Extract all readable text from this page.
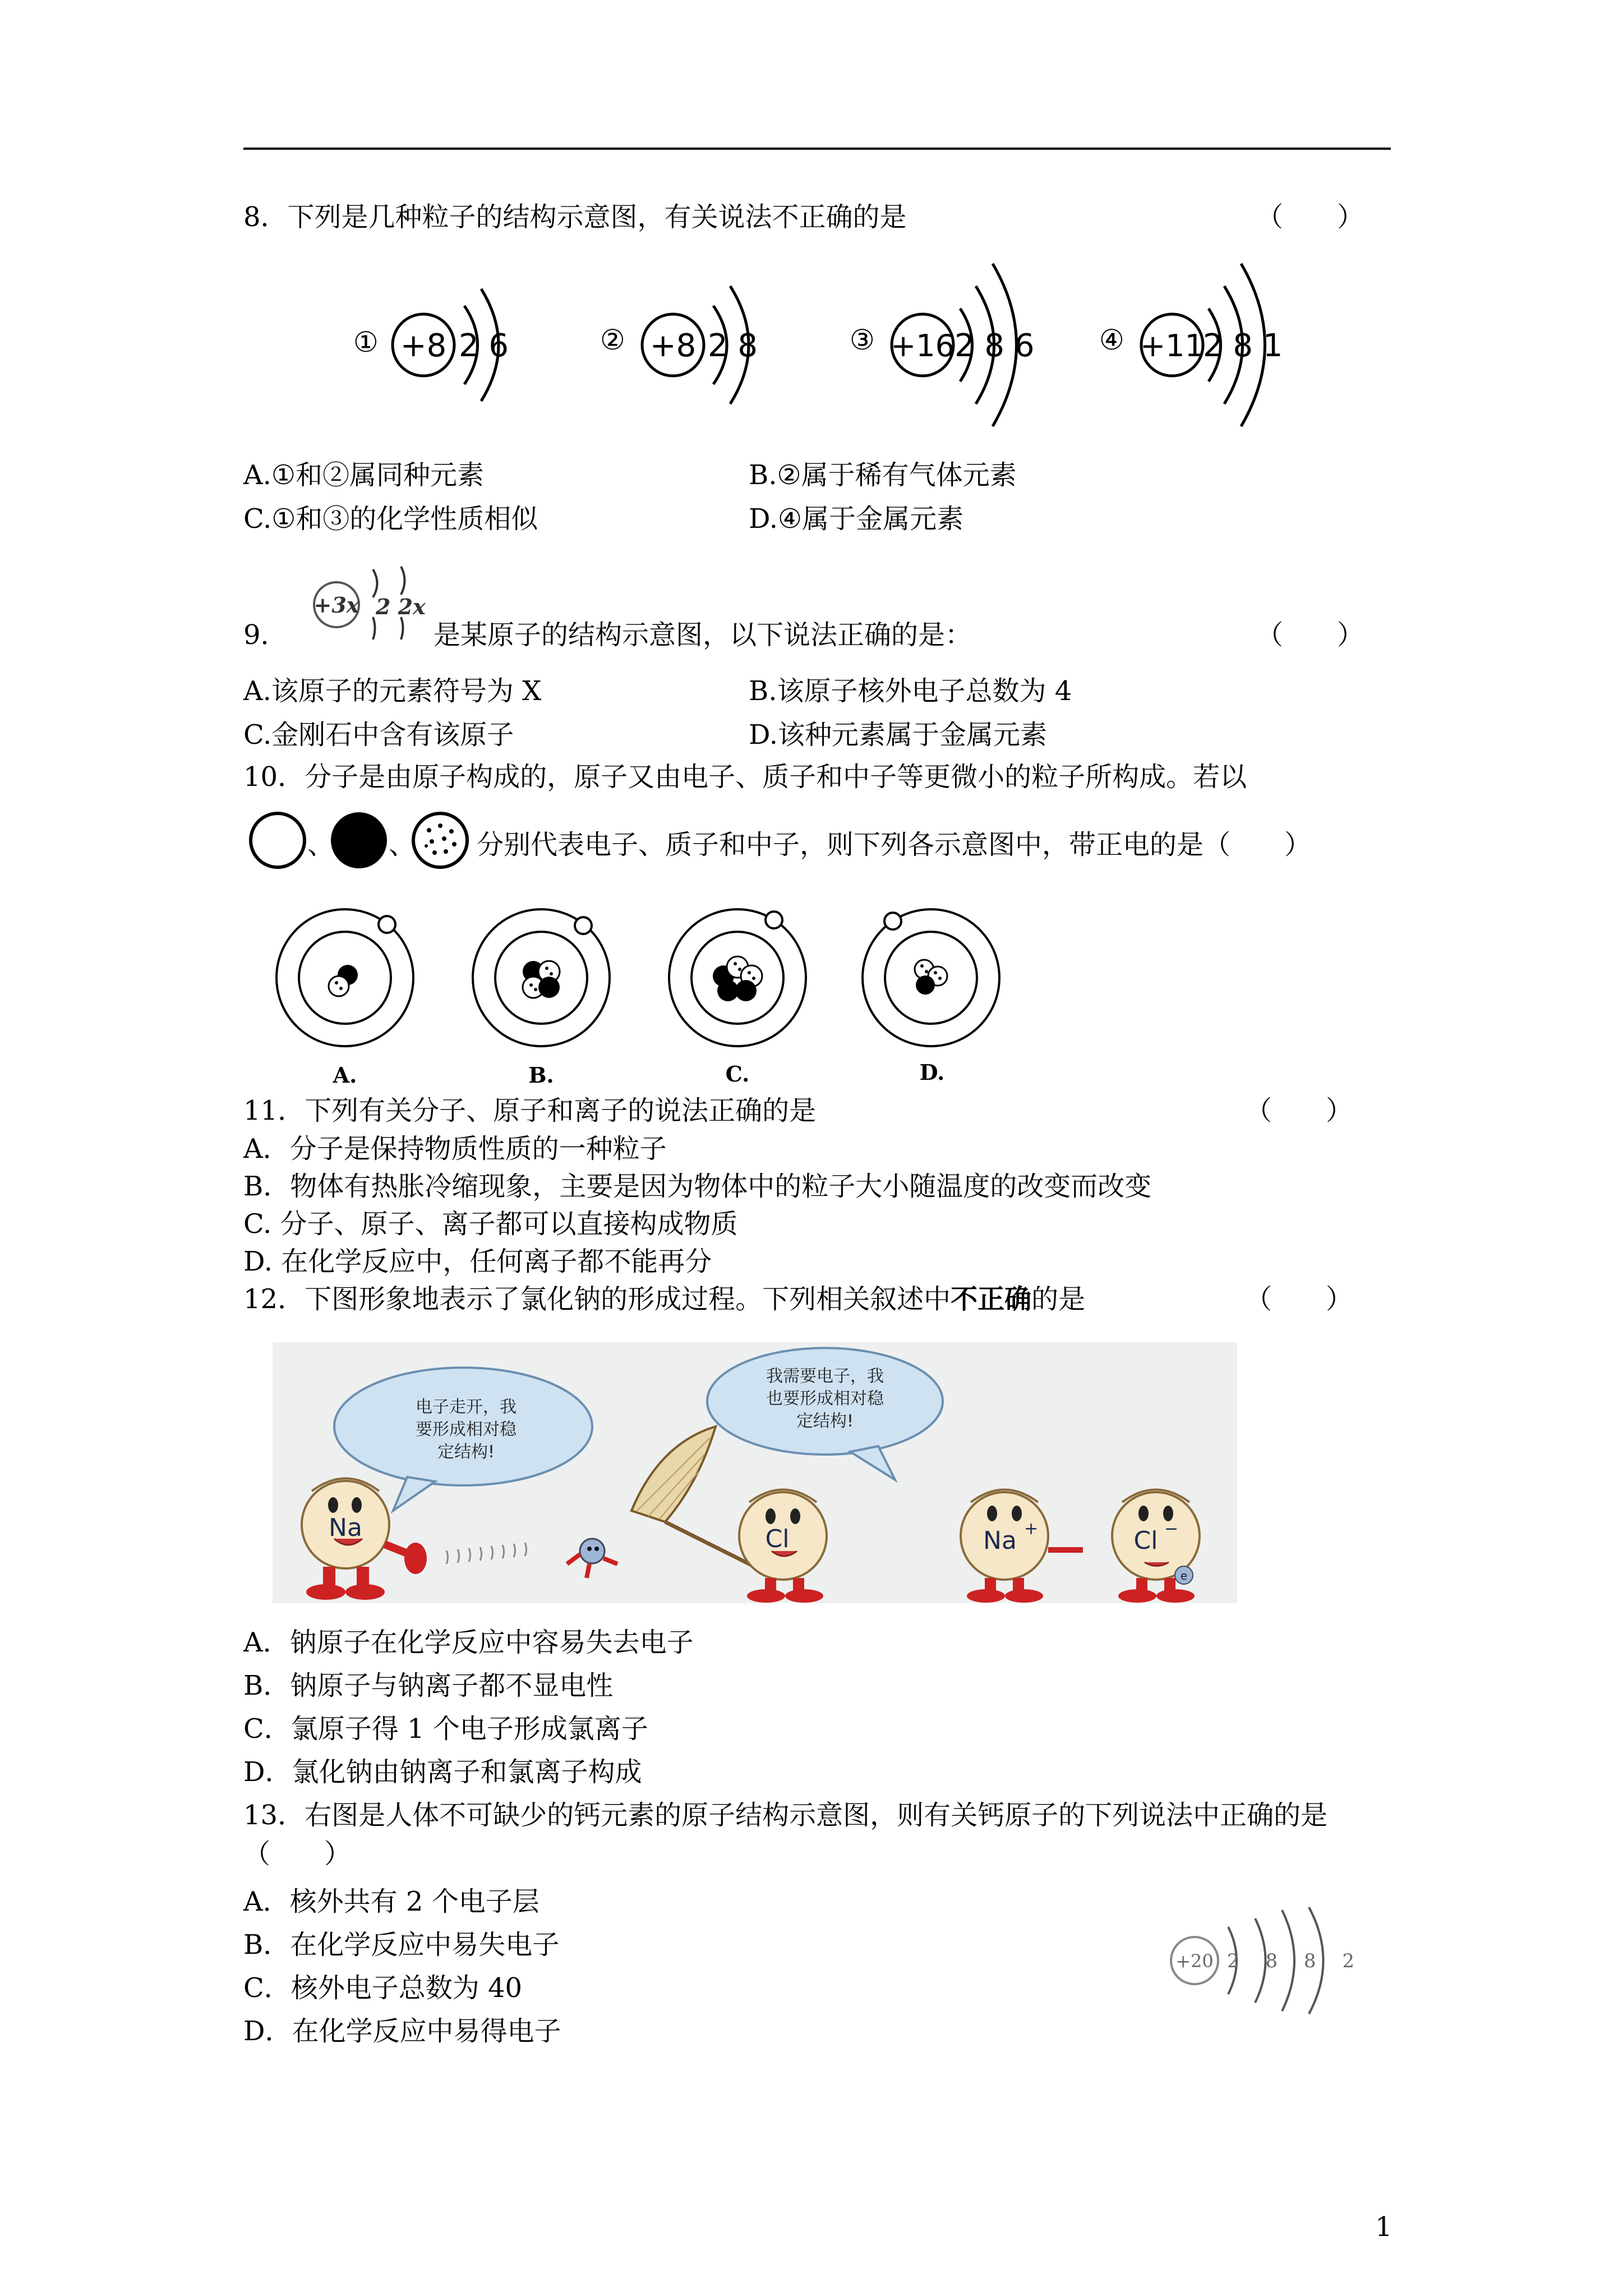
8．下列是几种粒子的结构示意图，有关说法不正确的是	（　　）
① +8 2 6	② +8 2 8	③ +16 2 8 6 ④ +11
2 8 1
A.①和②属同种元素	B.②属于稀有气体元素
C.①和③的化学性质相似	D.④属于金属元素
9．
+3x 2 2x
是某原子的结构示意图，以下说法正确的是：	（　　）
A.该原子的元素符号为 X	B.该原子核外电子总数为 4
C.金刚石中含有该原子	D.该种元素属于金属元素
10．分子是由原子构成的，原子又由电子、质子和中子等更微小的粒子所构成。若以
、 、 分别代表电子、质子和中子，则下列各示意图中，带正电的是（　　）
A.	B.	C.	D.
11．下列有关分子、原子和离子的说法正确的是	（　　）
A．分子是保持物质性质的一种粒子
B．物体有热胀冷缩现象，主要是因为物体中的粒子大小随温度的改变而改变
C. 分子、原子、离子都可以直接构成物质
D. 在化学反应中，任何离子都不能再分
12．下图形象地表示了氯化钠的形成过程。下列相关叙述中不正确的是	（　　）
电子走开，我
要形成相对稳
定结构!
我需要电子，我
也要形成相对稳
定结构!
e
Na	Cl	Na	Cl
+	−
A．钠原子在化学反应中容易失去电子
B．钠原子与钠离子都不显电性
C．氯原子得 1 个电子形成氯离子
D．氯化钠由钠离子和氯离子构成
13．右图是人体不可缺少的钙元素的原子结构示意图，则有关钙原子的下列说法中正确的是
（　　）
A．核外共有 2 个电子层
B．在化学反应中易失电子
C．核外电子总数为 40
D．在化学反应中易得电子
+20 2 8 8 2
1
